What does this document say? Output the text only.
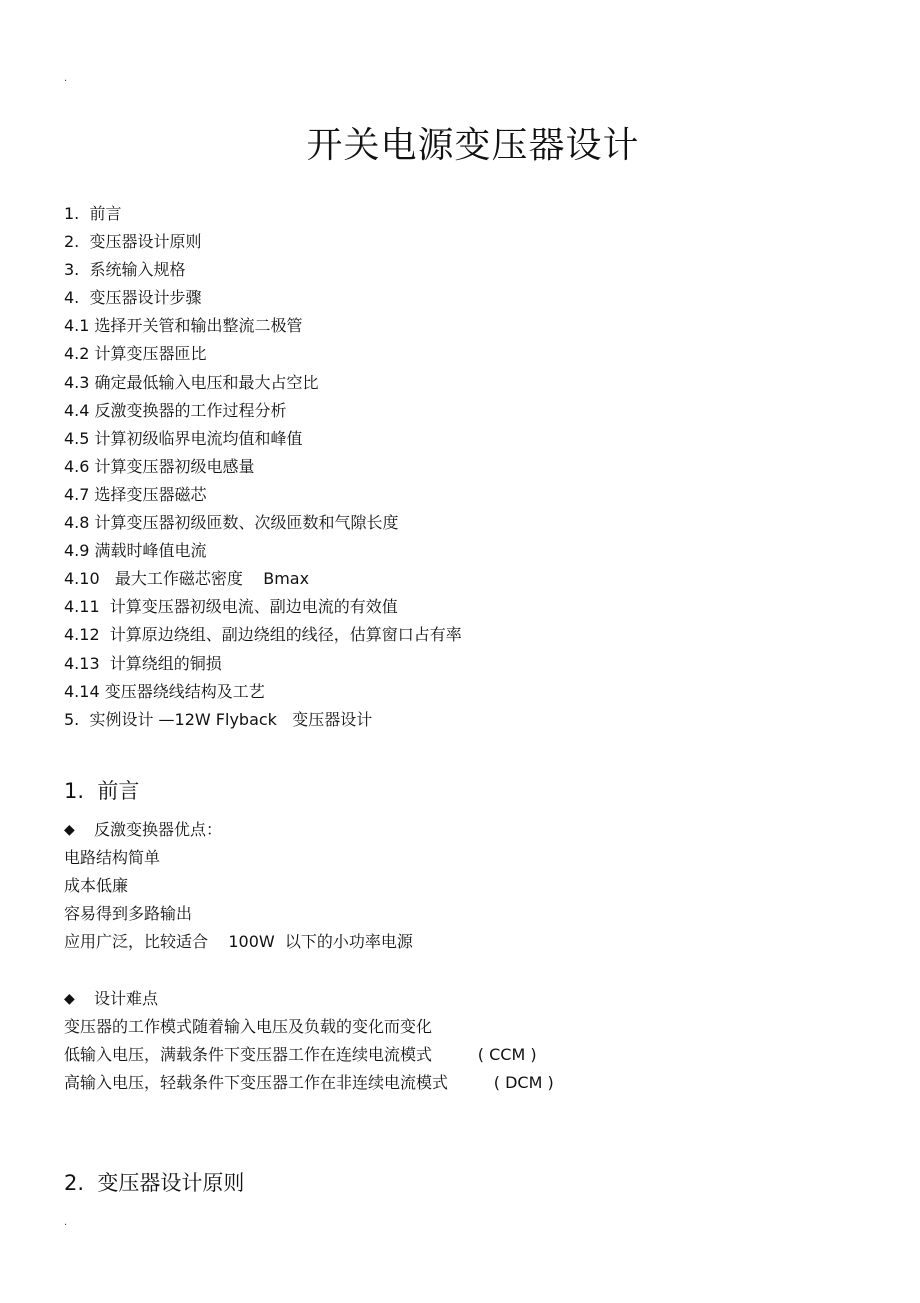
.
开关电源变压器设计
1.  前言
2.  变压器设计原则
3.  系统输入规格
4.  变压器设计步骤
4.1 选择开关管和输出整流二极管
4.2 计算变压器匝比
4.3 确定最低输入电压和最大占空比
4.4 反激变换器的工作过程分析
4.5 计算初级临界电流均值和峰值
4.6 计算变压器初级电感量
4.7 选择变压器磁芯
4.8 计算变压器初级匝数、次级匝数和气隙长度
4.9 满载时峰值电流
4.10   最大工作磁芯密度    Bmax
4.11  计算变压器初级电流、副边电流的有效值
4.12  计算原边绕组、副边绕组的线径，估算窗口占有率
4.13  计算绕组的铜损
4.14 变压器绕线结构及工艺
5.  实例设计 —12W Flyback   变压器设计
1.  前言
◆ 反激变换器优点：
电路结构简单
成本低廉
容易得到多路输出
应用广泛，比较适合    100W  以下的小功率电源
◆ 设计难点
变压器的工作模式随着输入电压及负载的变化而变化
低输入电压，满载条件下变压器工作在连续电流模式         ( CCM )
高输入电压，轻载条件下变压器工作在非连续电流模式         ( DCM )
2.  变压器设计原则
.
